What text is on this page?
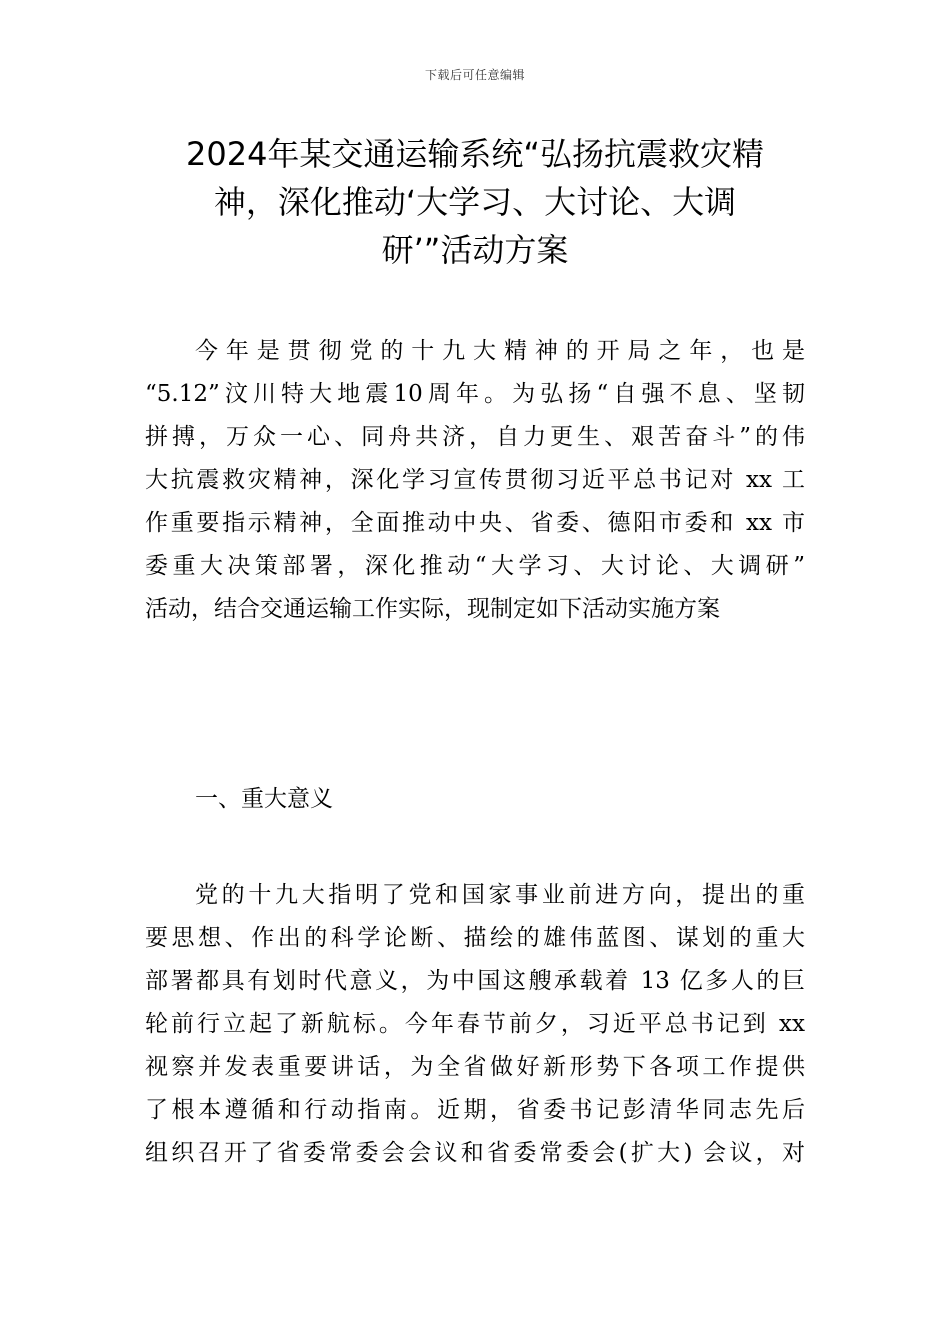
下载后可任意编辑
2024年某交通运输系统“弘扬抗震救灾精
神，深化推动‘大学习、大讨论、大调
研’”活动方案

今年是贯彻党的十九大精神的开局之年，也是
“5.12”汶川特大地震10周年。为弘扬“自强不息、坚韧
拼搏，万众一心、同舟共济，自力更生、艰苦奋斗”的伟
大抗震救灾精神，深化学习宣传贯彻习近平总书记对 xx 工
作重要指示精神，全面推动中央、省委、德阳市委和 xx 市
委重大决策部署，深化推动“大学习、大讨论、大调研”
活动，结合交通运输工作实际，现制定如下活动实施方案

一、重大意义

党的十九大指明了党和国家事业前进方向，提出的重
要思想、作出的科学论断、描绘的雄伟蓝图、谋划的重大
部署都具有划时代意义，为中国这艘承载着 13 亿多人的巨
轮前行立起了新航标。今年春节前夕，习近平总书记到 xx
视察并发表重要讲话，为全省做好新形势下各项工作提供
了根本遵循和行动指南。近期，省委书记彭清华同志先后
组织召开了省委常委会会议和省委常委会(扩大) 会议，对
